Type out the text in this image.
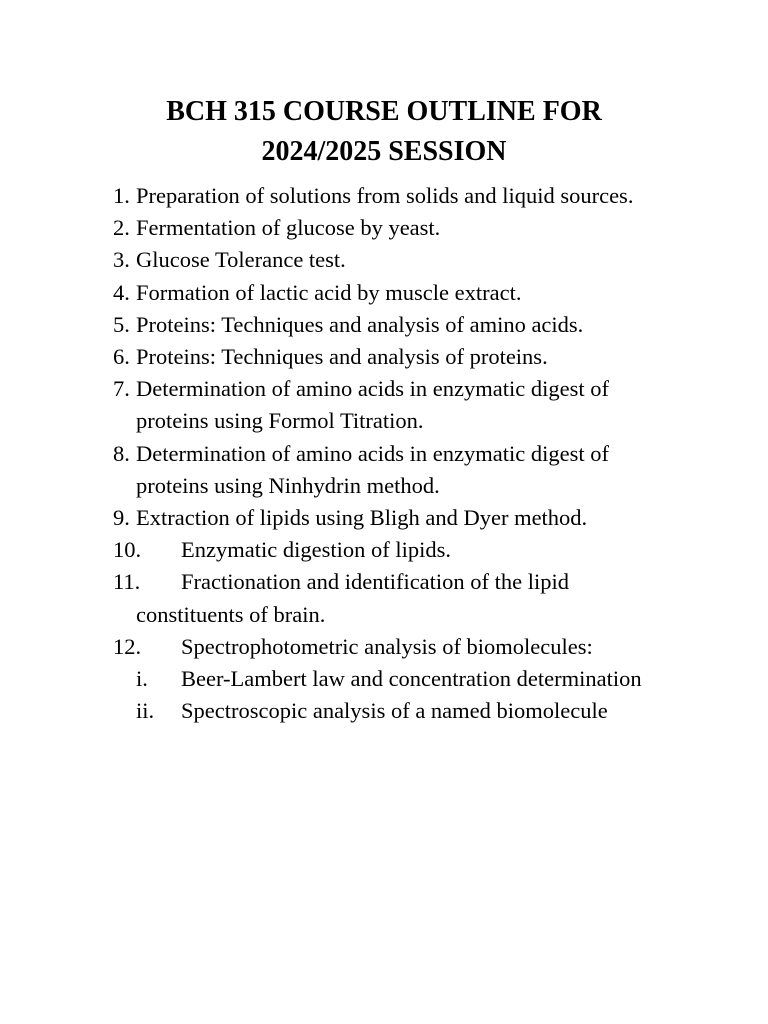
BCH 315 COURSE OUTLINE FOR
2024/2025 SESSION
1. Preparation of solutions from solids and liquid sources.
2. Fermentation of glucose by yeast.
3. Glucose Tolerance test.
4. Formation of lactic acid by muscle extract.
5. Proteins: Techniques and analysis of amino acids.
6. Proteins: Techniques and analysis of proteins.
7. Determination of amino acids in enzymatic digest of proteins using Formol Titration.
8. Determination of amino acids in enzymatic digest of proteins using Ninhydrin method.
9. Extraction of lipids using Bligh and Dyer method.
10.	Enzymatic digestion of lipids.
11.	Fractionation and identification of the lipid constituents of brain.
12.	Spectrophotometric analysis of biomolecules:
i.	Beer-Lambert law and concentration determination
ii.	Spectroscopic analysis of a named biomolecule
